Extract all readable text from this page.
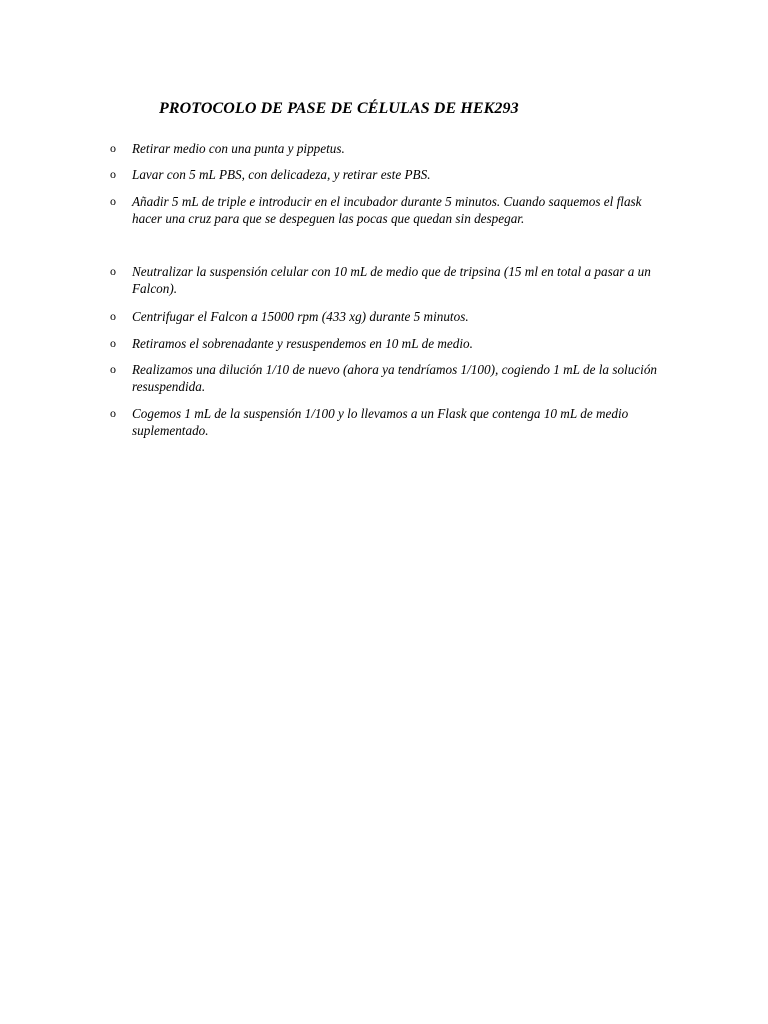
PROTOCOLO DE PASE DE CÉLULAS DE HEK293
o Retirar medio con una punta y pippetus.
o Lavar con 5 mL PBS, con delicadeza, y retirar este PBS.
o Añadir 5 mL de triple e introducir en el incubador durante 5 minutos. Cuando saquemos el flask hacer una cruz para que se despeguen las pocas que quedan sin despegar.
o Neutralizar la suspensión celular con 10 mL de medio que de tripsina (15 ml en total a pasar a un Falcon).
o Centrifugar el Falcon a 15000 rpm (433 xg) durante 5 minutos.
o Retiramos el sobrenadante y resuspendemos en 10 mL de medio.
o Realizamos una dilución 1/10 de nuevo (ahora ya tendríamos 1/100), cogiendo 1 mL de la solución resuspendida.
o Cogemos 1 mL de la suspensión 1/100 y lo llevamos a un Flask que contenga 10 mL de medio suplementado.
